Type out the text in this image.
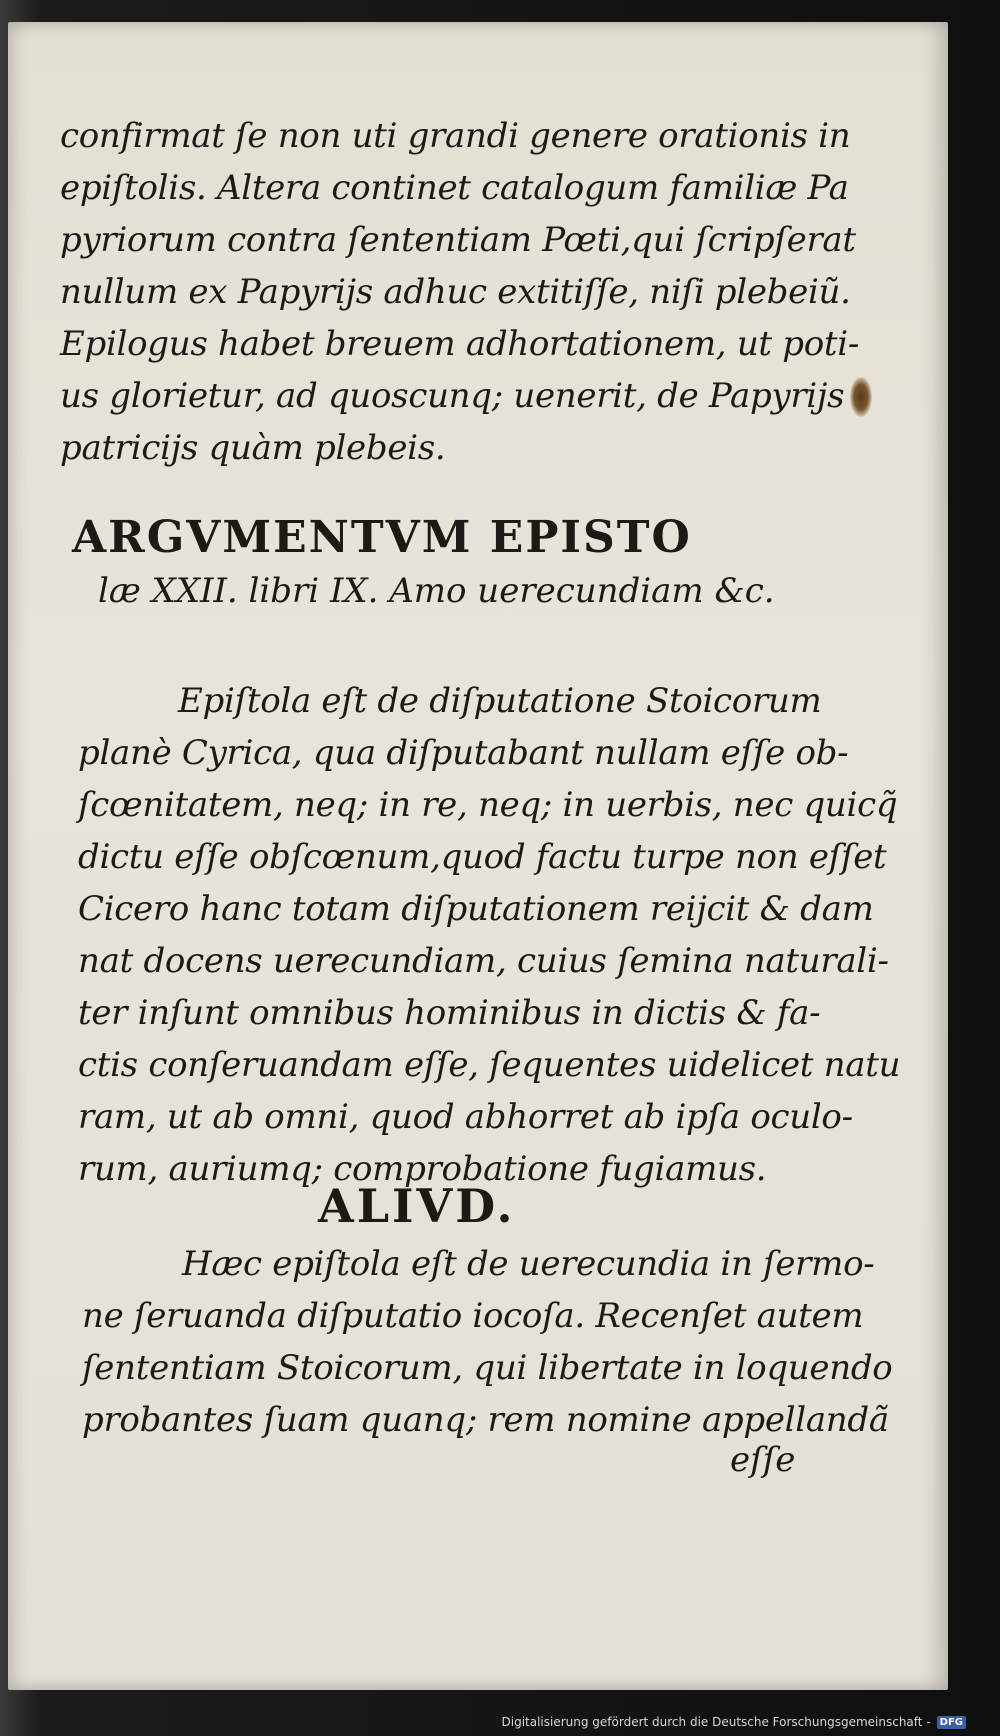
confirmat ſe non uti grandi genere orationis in
epiſtolis. Altera continet catalogum familiæ Pa
pyriorum contra ſententiam Pœti,qui ſcripſerat
nullum ex Papyrijs adhuc extitiſſe, niſi plebeiũ.
Epilogus habet breuem adhortationem, ut poti-
us glorietur, ad quoscunq; uenerit, de Papyrijs
patricijs quàm plebeis.
ARGVMENTVM EPISTO
læ XXII. libri IX. Amo uerecundiam &c.
Epiſtola eſt de diſputatione Stoicorum
planè Cyrica, qua diſputabant nullam eſſe ob-
ſcœnitatem, neq; in re, neq; in uerbis, nec quicq̃
dictu eſſe obſcœnum,quod factu turpe non eſſet
Cicero hanc totam diſputationem reijcit & dam
nat docens uerecundiam, cuius ſemina naturali-
ter inſunt omnibus hominibus in dictis & fa-
ctis conſeruandam eſſe, ſequentes uidelicet natu
ram, ut ab omni, quod abhorret ab ipſa oculo-
rum, auriumq; comprobatione fugiamus.
ALIVD.
Hæc epiſtola eſt de uerecundia in ſermo-
ne ſeruanda diſputatio iocoſa. Recenſet autem
ſententiam Stoicorum, qui libertate in loquendo
probantes ſuam quanq; rem nomine appellandã
eſſe
Digitalisierung gefördert durch die Deutsche Forschungsgemeinschaft - DFG
